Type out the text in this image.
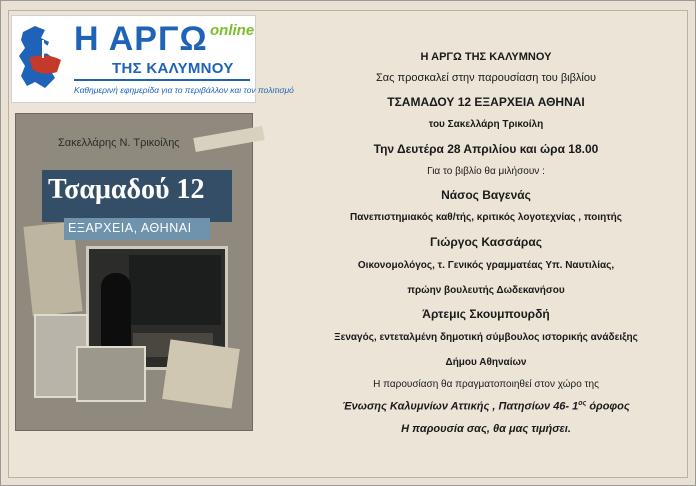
Η ΑΡΓΩ online
ΤΗΣ ΚΑΛΥΜΝΟΥ
Καθημερινή εφημερίδα για το περιβάλλον και τον πολιτισμό
Σακελλάρης Ν. Τρικοίλης
Τσαμαδού 12
ΕΞΑΡΧΕΙΑ, ΑΘΗΝΑΙ
Η ΑΡΓΩ ΤΗΣ ΚΑΛΥΜΝΟΥ
Σας προσκαλεί στην παρουσίαση του βιβλίου
ΤΣΑΜΑΔΟΥ 12 ΕΞΑΡΧΕΙΑ ΑΘΗΝΑΙ
του Σακελλάρη Τρικοίλη
Την Δευτέρα 28 Απριλίου και ώρα 18.00
Για το βιβλίο θα μιλήσουν :
Νάσος Βαγενάς
Πανεπιστημιακός καθ/τής, κριτικός λογοτεχνίας , ποιητής
Γιώργος Κασσάρας
Οικονομολόγος, τ. Γενικός γραμματέας Υπ. Ναυτιλίας,
πρώην βουλευτής Δωδεκανήσου
Άρτεμις Σκουμπουρδή
Ξεναγός, εντεταλμένη δημοτική σύμβουλος ιστορικής ανάδειξης
Δήμου Αθηναίων
Η παρουσίαση θα πραγματοποιηθεί στον χώρο της
Ένωσης Καλυμνίων Αττικής , Πατησίων 46- $1^{o\varsigma}$ όροφος
Η παρουσία σας, θα μας τιμήσει.
